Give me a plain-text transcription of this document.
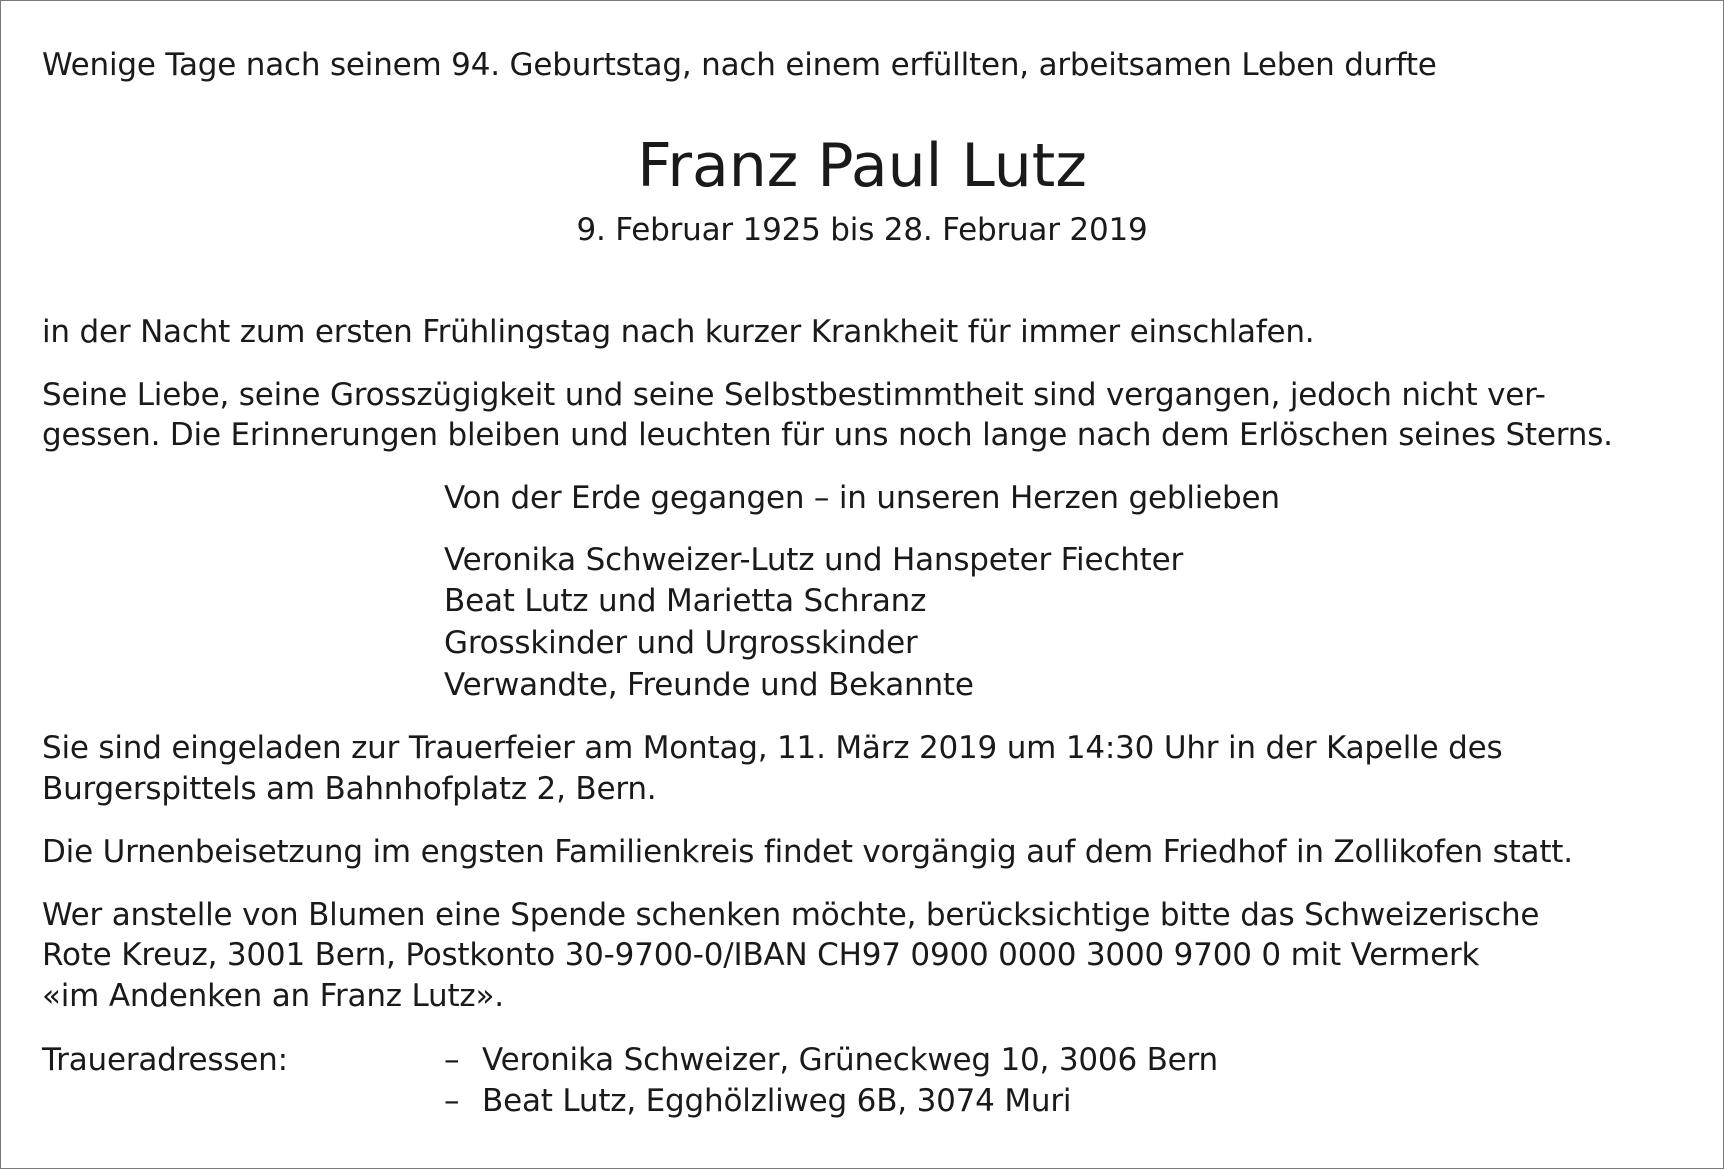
Wenige Tage nach seinem 94. Geburtstag, nach einem erfüllten, arbeitsamen Leben durfte
Franz Paul Lutz
9. Februar 1925 bis 28. Februar 2019
in der Nacht zum ersten Frühlingstag nach kurzer Krankheit für immer einschlafen.
Seine Liebe, seine Grosszügigkeit und seine Selbstbestimmtheit sind vergangen, jedoch nicht ver-
gessen. Die Erinnerungen bleiben und leuchten für uns noch lange nach dem Erlöschen seines Sterns.
Von der Erde gegangen – in unseren Herzen geblieben
Veronika Schweizer-Lutz und Hanspeter Fiechter
Beat Lutz und Marietta Schranz
Grosskinder und Urgrosskinder
Verwandte, Freunde und Bekannte
Sie sind eingeladen zur Trauerfeier am Montag, 11. März 2019 um 14:30 Uhr in der Kapelle des
Burgerspittels am Bahnhofplatz 2, Bern.
Die Urnenbeisetzung im engsten Familienkreis findet vorgängig auf dem Friedhof in Zollikofen statt.
Wer anstelle von Blumen eine Spende schenken möchte, berücksichtige bitte das Schweizerische
Rote Kreuz, 3001 Bern, Postkonto 30-9700-0/IBAN CH97 0900 0000 3000 9700 0 mit Vermerk
«im Andenken an Franz Lutz».
Traueradressen:	– Veronika Schweizer, Grüneckweg 10, 3006 Bern
– Beat Lutz, Egghölzliweg 6B, 3074 Muri
